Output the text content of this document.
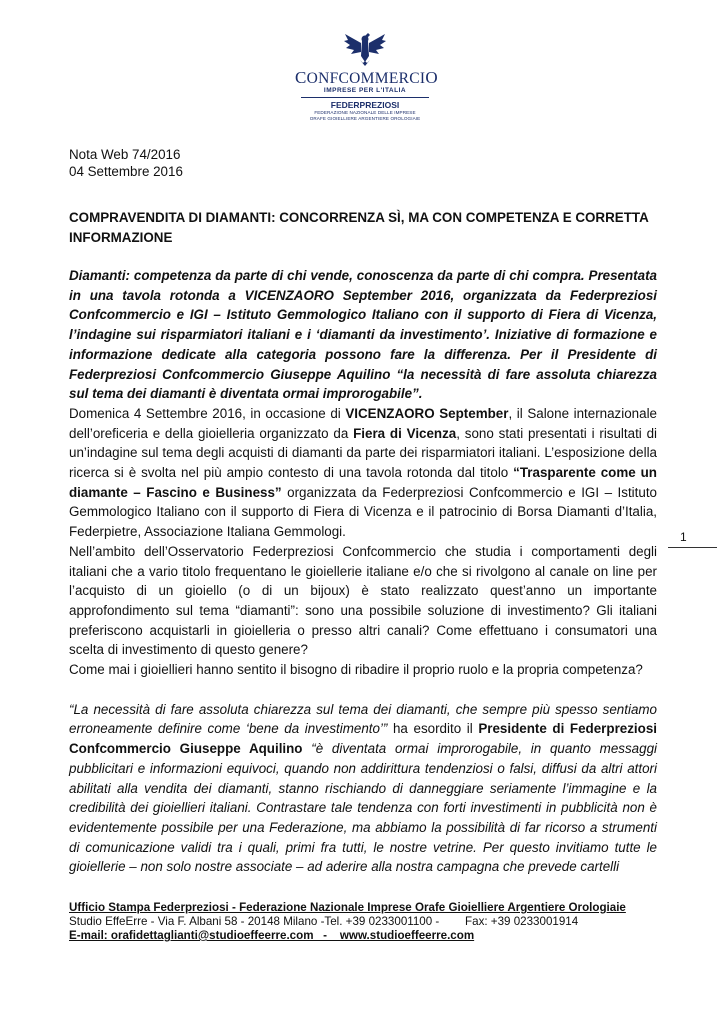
CONFCOMMERCIO
IMPRESE PER L'ITALIA
FEDERPREZIOSI
FEDERAZIONE NAZIONALE DELLE IMPRESE
ORAFE GIOIELLIERE ARGENTIERE OROLOGIAIE
Nota Web 74/2016
04 Settembre 2016
COMPRAVENDITA DI DIAMANTI: CONCORRENZA SÌ, MA CON COMPETENZA E CORRETTA INFORMAZIONE

Diamanti: competenza da parte di chi vende, conoscenza da parte di chi compra. Presentata in una tavola rotonda a VICENZAORO September 2016, organizzata da Federpreziosi Confcommercio e IGI – Istituto Gemmologico Italiano con il supporto di Fiera di Vicenza, l’indagine sui risparmiatori italiani e i ‘diamanti da investimento’. Iniziative di formazione e informazione dedicate alla categoria possono fare la differenza. Per il Presidente di Federpreziosi Confcommercio Giuseppe Aquilino “la necessità di fare assoluta chiarezza sul tema dei diamanti è diventata ormai improrogabile”.

Domenica 4 Settembre 2016, in occasione di VICENZAORO September, il Salone internazionale dell’oreficeria e della gioielleria organizzato da Fiera di Vicenza, sono stati presentati i risultati di un’indagine sul tema degli acquisti di diamanti da parte dei risparmiatori italiani. L’esposizione della ricerca si è svolta nel più ampio contesto di una tavola rotonda dal titolo “Trasparente come un diamante – Fascino e Business” organizzata da Federpreziosi Confcommercio e IGI – Istituto Gemmologico Italiano con il supporto di Fiera di Vicenza e il patrocinio di Borsa Diamanti d’Italia, Federpietre, Associazione Italiana Gemmologi.

Nell’ambito dell’Osservatorio Federpreziosi Confcommercio che studia i comportamenti degli italiani che a vario titolo frequentano le gioiellerie italiane e/o che si rivolgono al canale on line per l’acquisto di un gioiello (o di un bijoux) è stato realizzato quest’anno un importante approfondimento sul tema “diamanti”: sono una possibile soluzione di investimento? Gli italiani preferiscono acquistarli in gioielleria o presso altri canali? Come effettuano i consumatori una scelta di investimento di questo genere?

Come mai i gioiellieri hanno sentito il bisogno di ribadire il proprio ruolo e la propria competenza?

“La necessità di fare assoluta chiarezza sul tema dei diamanti, che sempre più spesso sentiamo erroneamente definire come ‘bene da investimento’” ha esordito il Presidente di Federpreziosi Confcommercio Giuseppe Aquilino “è diventata ormai improrogabile, in quanto messaggi pubblicitari e informazioni equivoci, quando non addirittura tendenziosi o falsi, diffusi da altri attori abilitati alla vendita dei diamanti, stanno rischiando di danneggiare seriamente l’immagine e la credibilità dei gioiellieri italiani. Contrastare tale tendenza con forti investimenti in pubblicità non è evidentemente possibile per una Federazione, ma abbiamo la possibilità di far ricorso a strumenti di comunicazione validi tra i quali, primi fra tutti, le nostre vetrine. Per questo invitiamo tutte le gioiellerie – non solo nostre associate – ad aderire alla nostra campagna che prevede cartelli

1
Ufficio Stampa Federpreziosi - Federazione Nazionale Imprese Orafe Gioielliere Argentiere Orologiaie
Studio EffeErre - Via F. Albani 58 - 20148 Milano -Tel. +39 0233001100 -        Fax: +39 0233001914
E-mail: orafidettaglianti@studioeffeerre.com   -    www.studioeffeerre.com
